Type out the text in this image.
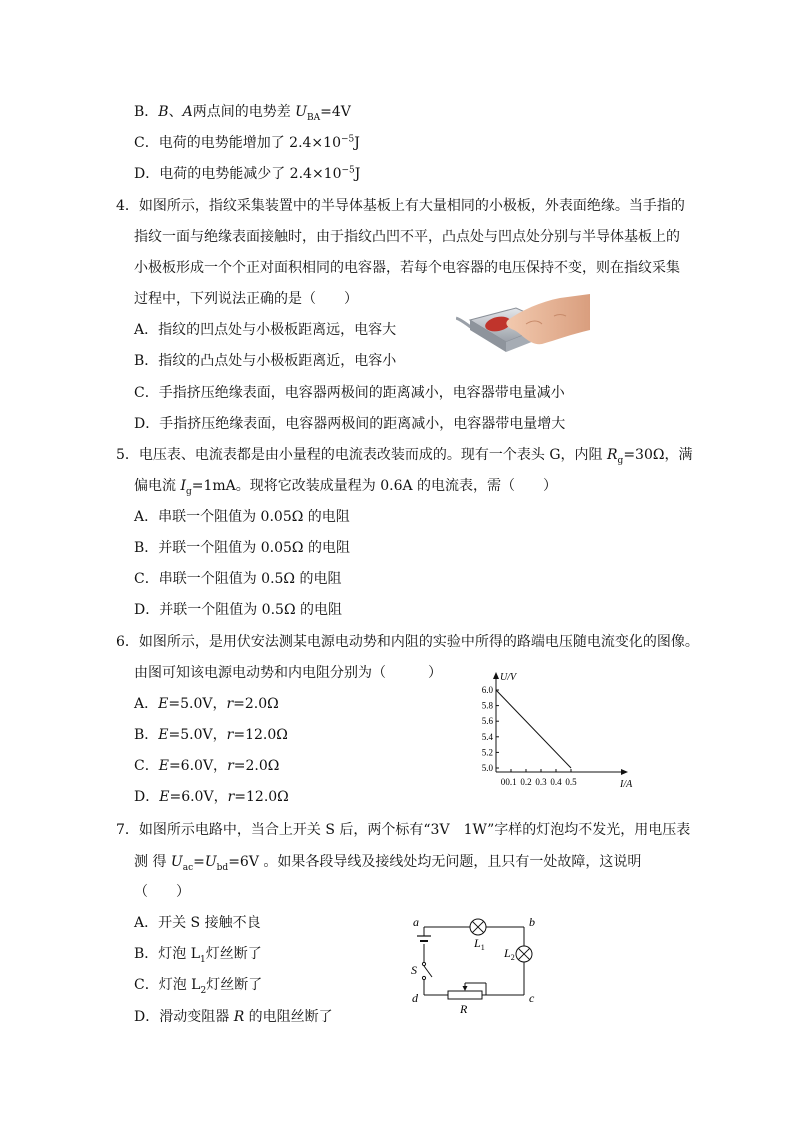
B．B、A两点间的电势差 $U_{BA}=4V$
C．电荷的电势能增加了 $2.4\times 10^{-5}J$
D．电荷的电势能减少了 $2.4\times 10^{-5}J$
4．如图所示，指纹采集装置中的半导体基板上有大量相同的小极板，外表面绝缘。当手指的
指纹一面与绝缘表面接触时，由于指纹凸凹不平，凸点处与凹点处分别与半导体基板上的
小极板形成一个个正对面积相同的电容器，若每个电容器的电压保持不变，则在指纹采集
过程中，下列说法正确的是（　　）
A．指纹的凹点处与小极板距离远，电容大
B．指纹的凸点处与小极板距离近，电容小
C．手指挤压绝缘表面，电容器两极间的距离减小，电容器带电量减小
D．手指挤压绝缘表面，电容器两极间的距离减小，电容器带电量增大
5．电压表、电流表都是由小量程的电流表改装而成的。现有一个表头 G，内阻 $R_g=30\Omega$，满
偏电流 $I_g=1mA$。现将它改装成量程为 0.6A 的电流表，需（　　）
A．串联一个阻值为 0.05Ω 的电阻
B．并联一个阻值为 0.05Ω 的电阻
C．串联一个阻值为 0.5Ω 的电阻
D．并联一个阻值为 0.5Ω 的电阻
6．如图所示，是用伏安法测某电源电动势和内阻的实验中所得的路端电压随电流变化的图像。
由图可知该电源电动势和内电阻分别为（　　　）
A．E=5.0V，r=2.0Ω
B．E=5.0V，r=12.0Ω
C．E=6.0V，r=2.0Ω
D．E=6.0V，r=12.0Ω
U/V
I/A
5.0
5.2
5.4
5.6
5.8
6.0
0 0.1 0.2 0.3 0.4 0.5
7．如图所示电路中，当合上开关 S 后，两个标有“3V　1W”字样的灯泡均不发光，用电压表
测 得 $U_{ac}=U_{bd}=6V$ 。如果各段导线及接线处均无问题，且只有一处故障，这说明
（　　）
A．开关 S 接触不良
B．灯泡 $L_1$灯丝断了
C．灯泡 $L_2$灯丝断了
D．滑动变阻器 R 的电阻丝断了
a	b
c
d
$L_1$ $L_2$
S
R
